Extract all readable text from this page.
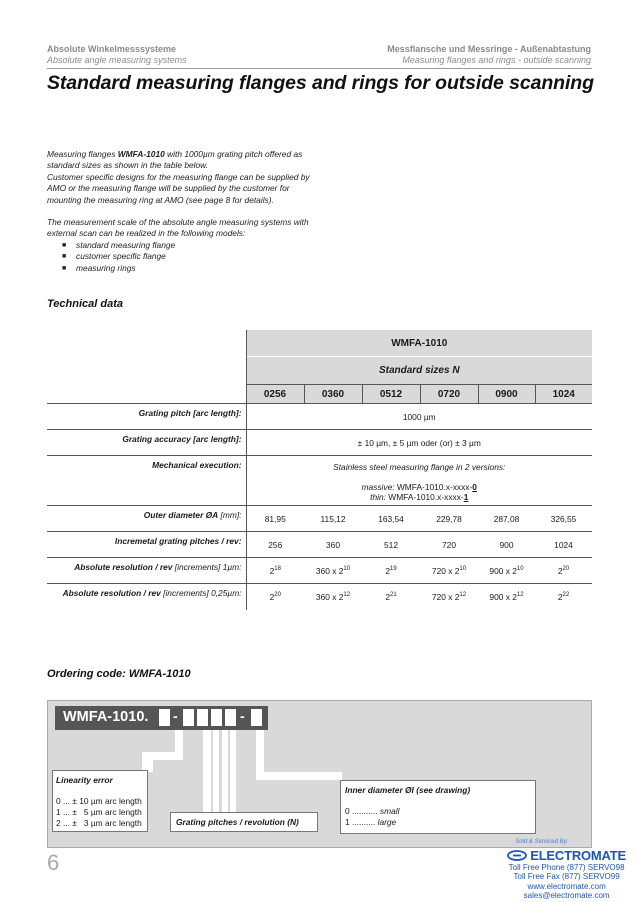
Absolute Winkelmesssysteme
Absolute angle measuring systems
Messflansche und Messringe - Außenabtastung
Measuring flanges and rings - outside scanning
Standard measuring flanges and rings for outside scanning

Measuring flanges WMFA-1010 with 1000µm grating pitch offered as standard sizes as shown in the table below.

Customer specific designs for the measuring flange can be supplied by AMO or the measuring flange will be supplied by the customer for mounting the measuring ring at AMO (see page 8 for details).

The measurement scale of the absolute angle measuring systems with external scan can be realized in the following models:

■ standard measuring flange
■ customer specific flange
■ measuring rings
Technical data
	WMFA-1010					
	Standard sizes N					
	0256	0360	0512	0720	0900	1024
Grating pitch [arc length]:	1000 µm					
Grating accuracy [arc length]:	± 10 µm, ± 5 µm oder (or) ± 3 µm					
Mechanical execution:	Stainless steel measuring flange in 2 versions:
massive: WMFA-1010.x-xxxx-0
thin: WMFA-1010.x-xxxx-1					

Outer diameter ØA [mm]:	81,95	115,12	163,54	229,78	287,08	326,55
Incremetal grating pitches / rev:	256	360	512	720	900	1024
Absolute resolution / rev [increments] 1µm:	$2^{18}$	360 x $2^{10}$	$2^{19}$	720 x $2^{10}$	900 x $2^{10}$	$2^{20}$
Absolute resolution / rev [increments] 0,25µm:	$2^{20}$	360 x $2^{12}$	$2^{21}$	720 x $2^{12}$	900 x $2^{12}$	$2^{22}$
Ordering code: WMFA-1010
WMFA-1010. -	-
Linearity error
0 ... ± 10 µm arc length
1 ... ±   5 µm arc length
2 ... ±   3 µm arc length	Grating pitches / revolution (N)
Inner diameter ØI (see drawing)
0 ........... small
1 .......... large
6
Sold & Serviced By:
ELECTROMATE
Toll Free Phone (877) SERVO98
Toll Free Fax (877) SERVO99
www.electromate.com
sales@electromate.com
